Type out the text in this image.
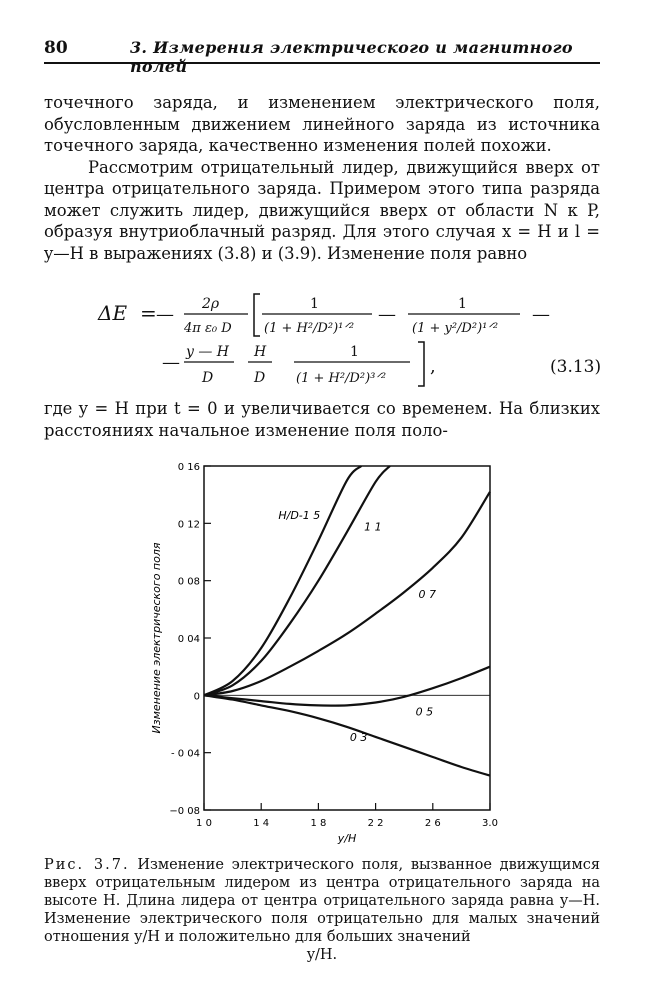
80	3. Измерения электрического и магнитного полей

точечного заряда, и изменением электрического поля, обусловленным движением линейного заряда из источника точечного заряда, качественно изменения полей похожи.

Рассмотрим отрицательный лидер, движущийся вверх от центра отрицательного заряда. Примером этого типа разряда может служить лидер, движущийся вверх от области N к P, образуя внутриоблачный разряд. Для этого случая x = H и l = y—H в выражениях (3.8) и (3.9). Изменение поля равно

ΔE = — 2ρ
4π ε₀ D
1
(1 + H²/D²)¹ᐟ²
—	1
(1 + y²/D²)¹ᐟ²
—
— y — H
D
H
D
1
(1 + H²/D²)³ᐟ²
,	(3.13)

где y = H при t = 0 и увеличивается со временем. На близких расстояниях начальное изменение поля поло-

0 16
0 12
0 08
0 04
0
- 0 04
−0 08
1 0	1 4	1 8	2 2	2 6	3.0
H/D-1 5
1 1
0 7
0 5
0 3
y/H
Изменение электрического поля

Рис. 3.7. Изменение электрического поля, вызванное движущимся вверх отрицательным лидером из центра отрицательного заряда на высоте H. Длина лидера от центра отрицательного заряда равна y—H. Изменение электрического поля отрицательно для малых значений отношения y/H и положительно для больших значений

y/H.
